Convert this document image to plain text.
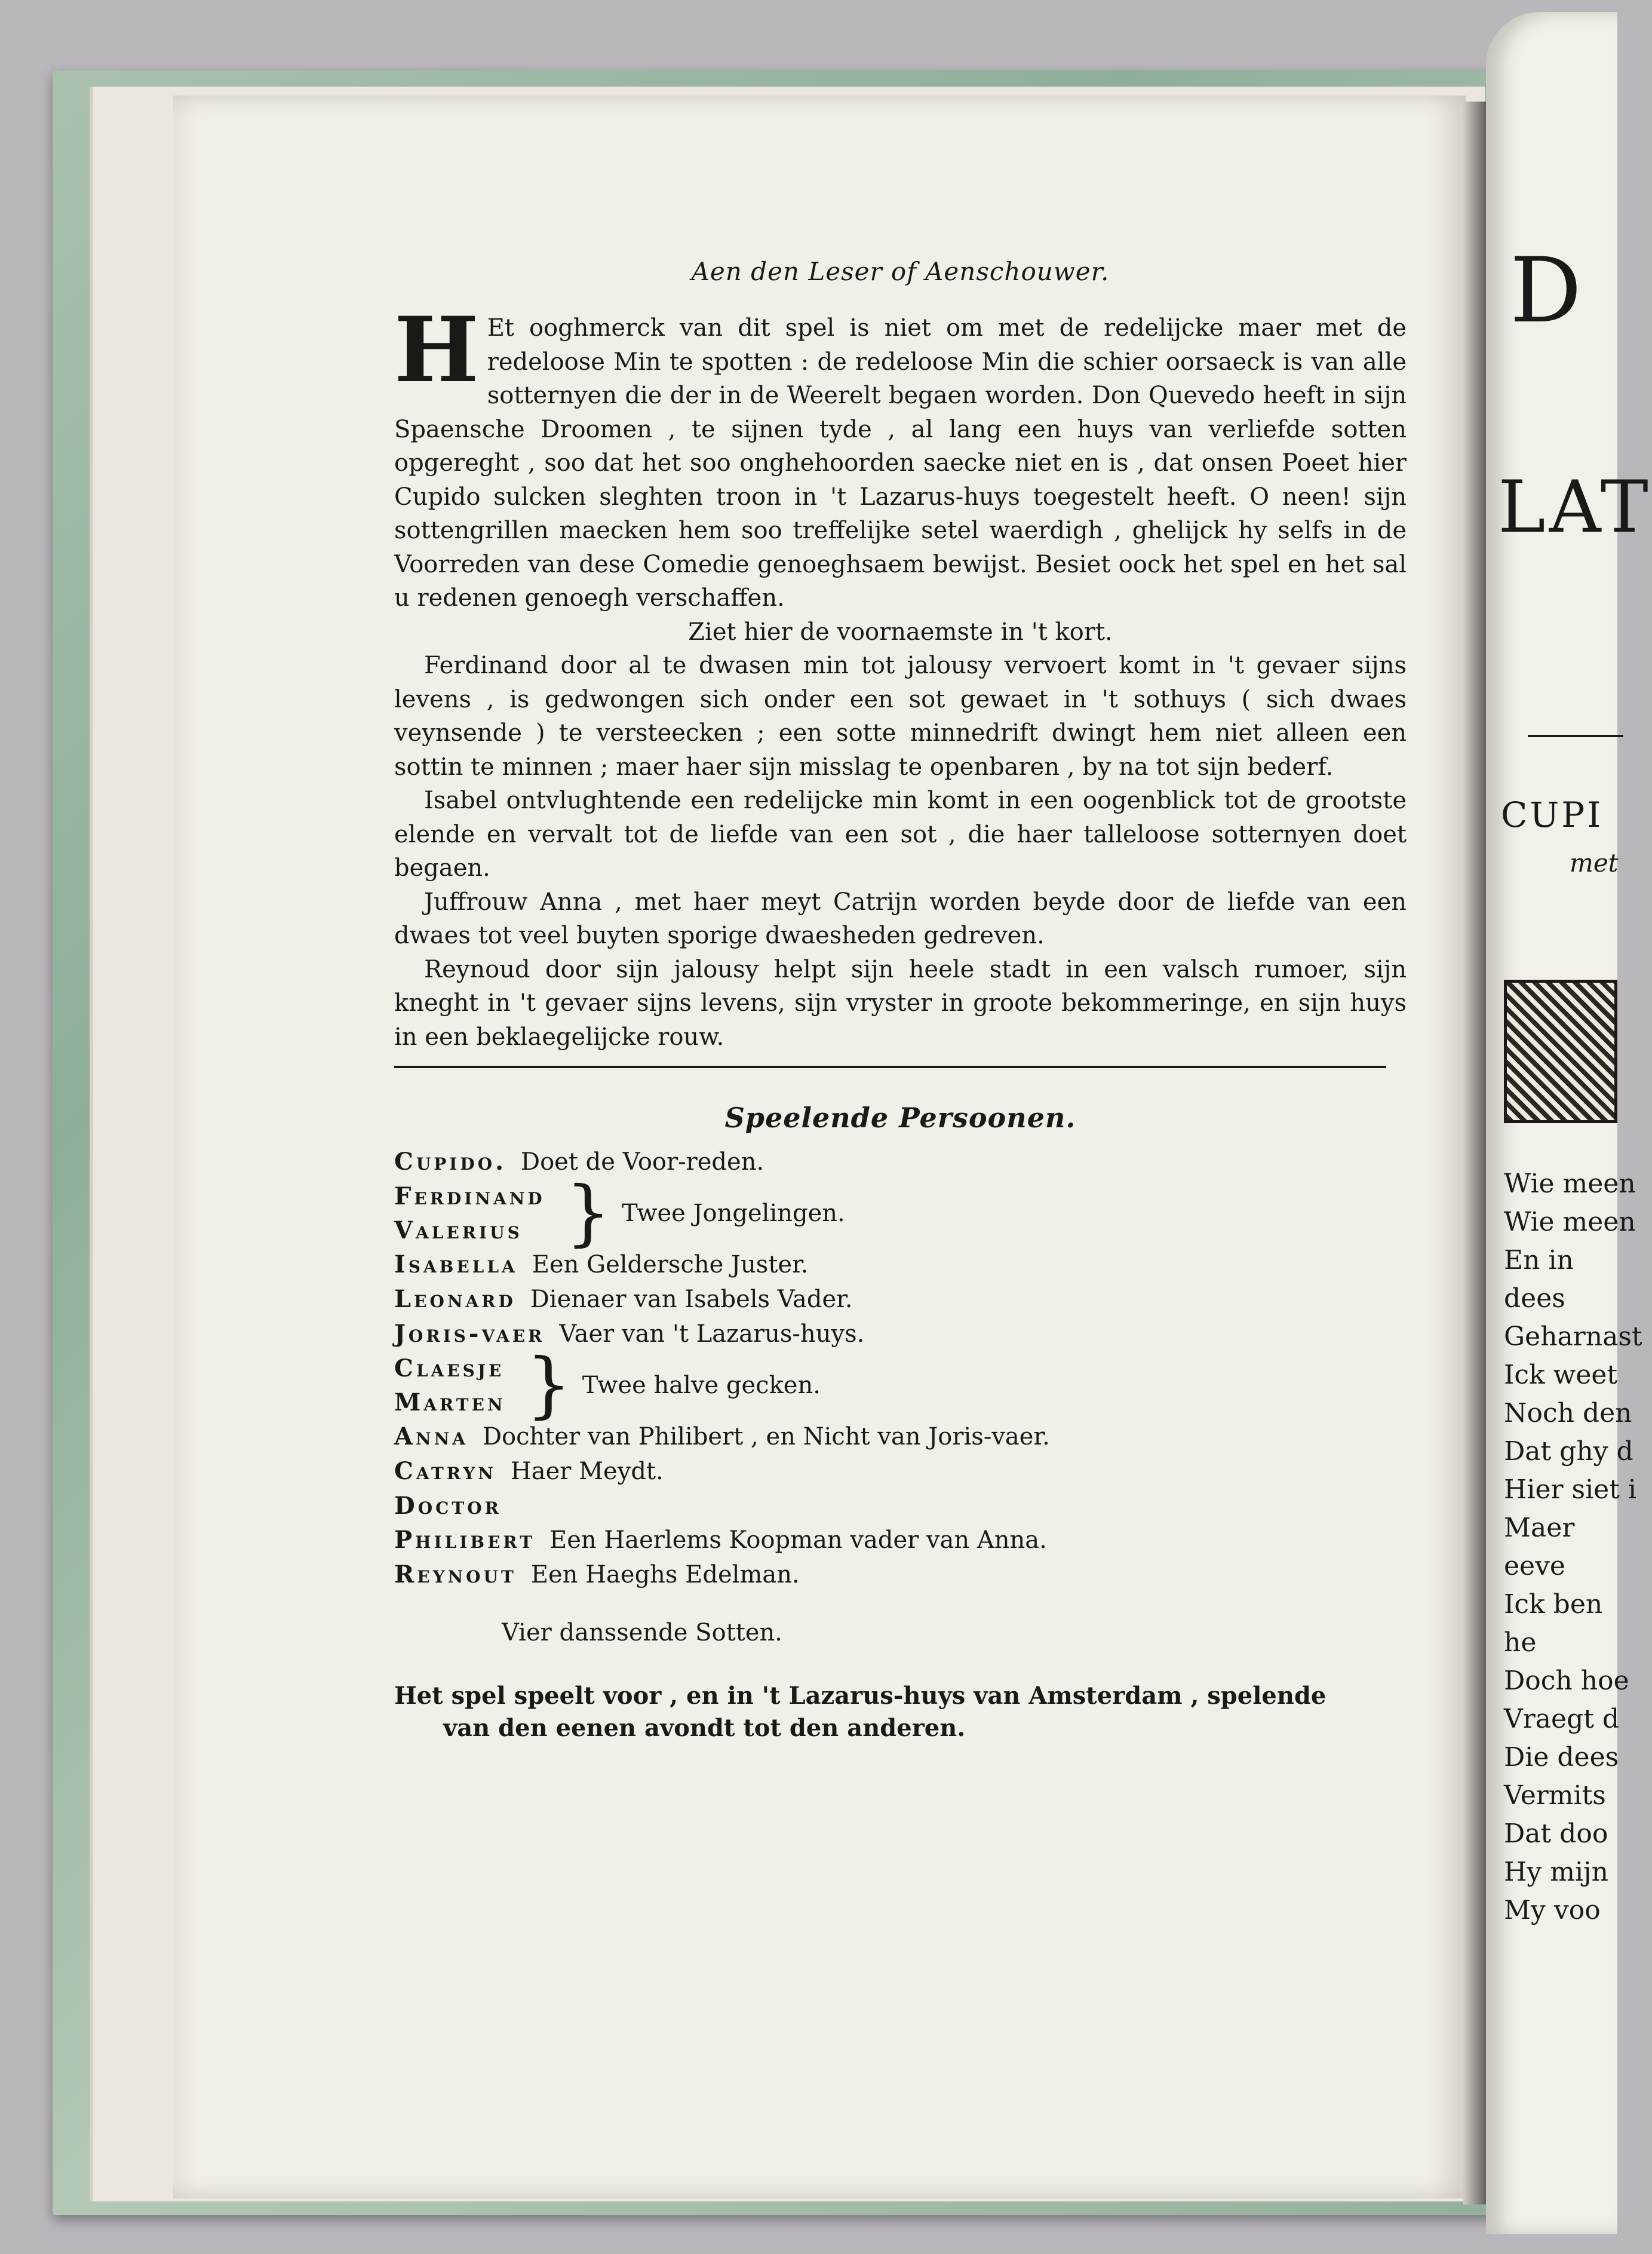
D
LAT
CUPI
met
Wie meen
Wie meen
En in dees
Geharnast
Ick weet
Noch den
Dat ghy d
Hier siet i
Maer eeve
Ick ben he
Doch hoe
Vraegt d
Die dees
Vermits
Dat doo
Hy mijn
My voo
Aen den Leser of Aenschouwer.

H Et ooghmerck van dit spel is niet om met de redelijcke maer met de redeloose Min te spotten : de redeloose Min die schier oorsaeck is van alle sotternyen die der in de Weerelt begaen worden. Don Quevedo heeft in sijn Spaensche Droomen , te sijnen tyde , al lang een huys van verliefde sotten opgereght , soo dat het soo onghehoorden saecke niet en is , dat onsen Poeet hier Cupido sulcken sleghten troon in 't Lazarus-huys toegestelt heeft. O neen! sijn sottengrillen maecken hem soo treffelijke setel waerdigh , ghelijck hy selfs in de Voorreden van dese Comedie genoeghsaem bewijst. Besiet oock het spel en het sal u redenen genoegh verschaffen.

Ziet hier de voornaemste in 't kort.

Ferdinand door al te dwasen min tot jalousy vervoert komt in 't gevaer sijns levens , is gedwongen sich onder een sot gewaet in 't sothuys ( sich dwaes veynsende ) te versteecken ; een sotte minnedrift dwingt hem niet alleen een sottin te minnen ; maer haer sijn misslag te openbaren , by na tot sijn bederf.

Isabel ontvlughtende een redelijcke min komt in een oogenblick tot de grootste elende en vervalt tot de liefde van een sot , die haer talleloose sotternyen doet begaen.

Juffrouw Anna , met haer meyt Catrijn worden beyde door de liefde van een dwaes tot veel buyten sporige dwaesheden gedreven.

Reynoud door sijn jalousy helpt sijn heele stadt in een valsch rumoer, sijn kneght in 't gevaer sijns levens, sijn vryster in groote bekommeringe, en sijn huys in een beklaegelijcke rouw.

Speelende Persoonen.
Cupido. Doet de Voor-reden.
Ferdinand
Valerius } Twee Jongelingen.
Isabella Een Geldersche Juster.
Leonard Dienaer van Isabels Vader.
Joris-vaer Vaer van 't Lazarus-huys.
Claesje
Marten } Twee halve gecken.
Anna Dochter van Philibert , en Nicht van Joris-vaer.
Catryn Haer Meydt.
Doctor
Philibert Een Haerlems Koopman vader van Anna.
Reynout Een Haeghs Edelman.
Vier danssende Sotten.
Het spel speelt voor , en in 't Lazarus-huys van Amsterdam , spelende
van den eenen avondt tot den anderen.
